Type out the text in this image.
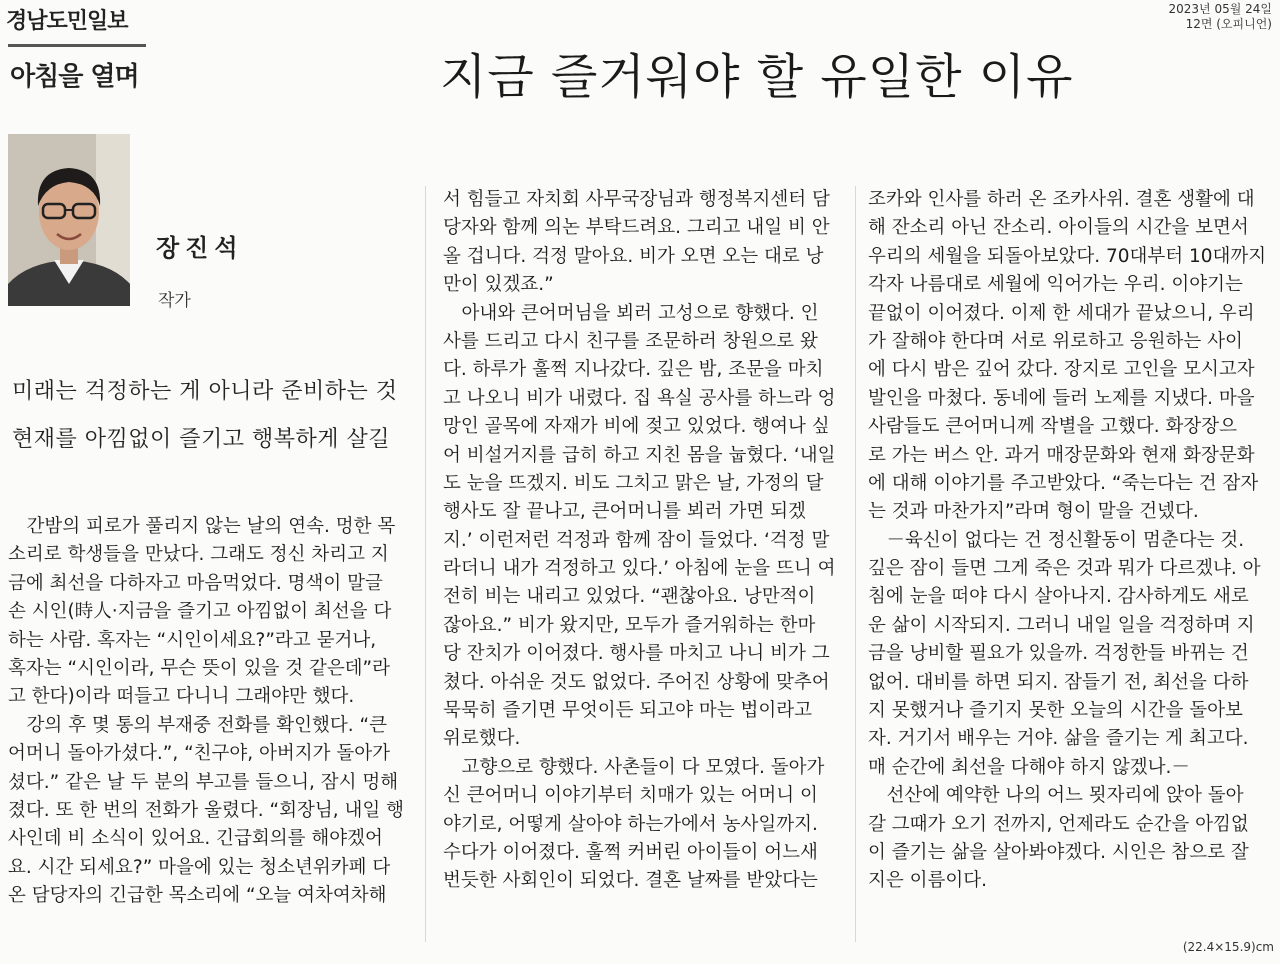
경남도민일보	2023년 05월 24일
12면 (오피니언)
아침을 열며	지금 즐거워야 할 유일한 이유
장진석
작가
미래는 걱정하는 게 아니라 준비하는 것
현재를 아낌없이 즐기고 행복하게 살길
　간밤의 피로가 풀리지 않는 날의 연속. 멍한 목
소리로 학생들을 만났다. 그래도 정신 차리고 지
금에 최선을 다하자고 마음먹었다. 명색이 말글
손 시인(時人·지금을 즐기고 아낌없이 최선을 다
하는 사람. 혹자는 “시인이세요?”라고 묻거나,
혹자는 “시인이라, 무슨 뜻이 있을 것 같은데”라
고 한다)이라 떠들고 다니니 그래야만 했다.
　강의 후 몇 통의 부재중 전화를 확인했다. “큰
어머니 돌아가셨다.”, “친구야, 아버지가 돌아가
셨다.” 같은 날 두 분의 부고를 들으니, 잠시 멍해
졌다. 또 한 번의 전화가 울렸다. “회장님, 내일 행
사인데 비 소식이 있어요. 긴급회의를 해야겠어
요. 시간 되세요?” 마을에 있는 청소년위카페 다
온 담당자의 긴급한 목소리에 “오늘 여차여차해
서 힘들고 자치회 사무국장님과 행정복지센터 담
당자와 함께 의논 부탁드려요. 그리고 내일 비 안
올 겁니다. 걱정 말아요. 비가 오면 오는 대로 낭
만이 있겠죠.”
　아내와 큰어머님을 뵈러 고성으로 향했다. 인
사를 드리고 다시 친구를 조문하러 창원으로 왔
다. 하루가 훌쩍 지나갔다. 깊은 밤, 조문을 마치
고 나오니 비가 내렸다. 집 욕실 공사를 하느라 엉
망인 골목에 자재가 비에 젖고 있었다. 행여나 싶
어 비설거지를 급히 하고 지친 몸을 눕혔다. ‘내일
도 눈을 뜨겠지. 비도 그치고 맑은 날, 가정의 달
행사도 잘 끝나고, 큰어머니를 뵈러 가면 되겠
지.’ 이런저런 걱정과 함께 잠이 들었다. ‘걱정 말
라더니 내가 걱정하고 있다.’ 아침에 눈을 뜨니 여
전히 비는 내리고 있었다. “괜찮아요. 낭만적이
잖아요.” 비가 왔지만, 모두가 즐거워하는 한마
당 잔치가 이어졌다. 행사를 마치고 나니 비가 그
쳤다. 아쉬운 것도 없었다. 주어진 상황에 맞추어
묵묵히 즐기면 무엇이든 되고야 마는 법이라고
위로했다.
　고향으로 향했다. 사촌들이 다 모였다. 돌아가
신 큰어머니 이야기부터 치매가 있는 어머니 이
야기로, 어떻게 살아야 하는가에서 농사일까지.
수다가 이어졌다. 훌쩍 커버린 아이들이 어느새
번듯한 사회인이 되었다. 결혼 날짜를 받았다는
조카와 인사를 하러 온 조카사위. 결혼 생활에 대
해 잔소리 아닌 잔소리. 아이들의 시간을 보면서
우리의 세월을 되돌아보았다. 70대부터 10대까지
각자 나름대로 세월에 익어가는 우리. 이야기는
끝없이 이어졌다. 이제 한 세대가 끝났으니, 우리
가 잘해야 한다며 서로 위로하고 응원하는 사이
에 다시 밤은 깊어 갔다. 장지로 고인을 모시고자
발인을 마쳤다. 동네에 들러 노제를 지냈다. 마을
사람들도 큰어머니께 작별을 고했다. 화장장으
로 가는 버스 안. 과거 매장문화와 현재 화장문화
에 대해 이야기를 주고받았다. “죽는다는 건 잠자
는 것과 마찬가지”라며 형이 말을 건넸다.
　－육신이 없다는 건 정신활동이 멈춘다는 것.
깊은 잠이 들면 그게 죽은 것과 뭐가 다르겠냐. 아
침에 눈을 떠야 다시 살아나지. 감사하게도 새로
운 삶이 시작되지. 그러니 내일 일을 걱정하며 지
금을 낭비할 필요가 있을까. 걱정한들 바뀌는 건
없어. 대비를 하면 되지. 잠들기 전, 최선을 다하
지 못했거나 즐기지 못한 오늘의 시간을 돌아보
자. 거기서 배우는 거야. 삶을 즐기는 게 최고다.
매 순간에 최선을 다해야 하지 않겠나.－
　선산에 예약한 나의 어느 묏자리에 앉아 돌아
갈 그때가 오기 전까지, 언제라도 순간을 아낌없
이 즐기는 삶을 살아봐야겠다. 시인은 참으로 잘
지은 이름이다.
(22.4×15.9)cm
